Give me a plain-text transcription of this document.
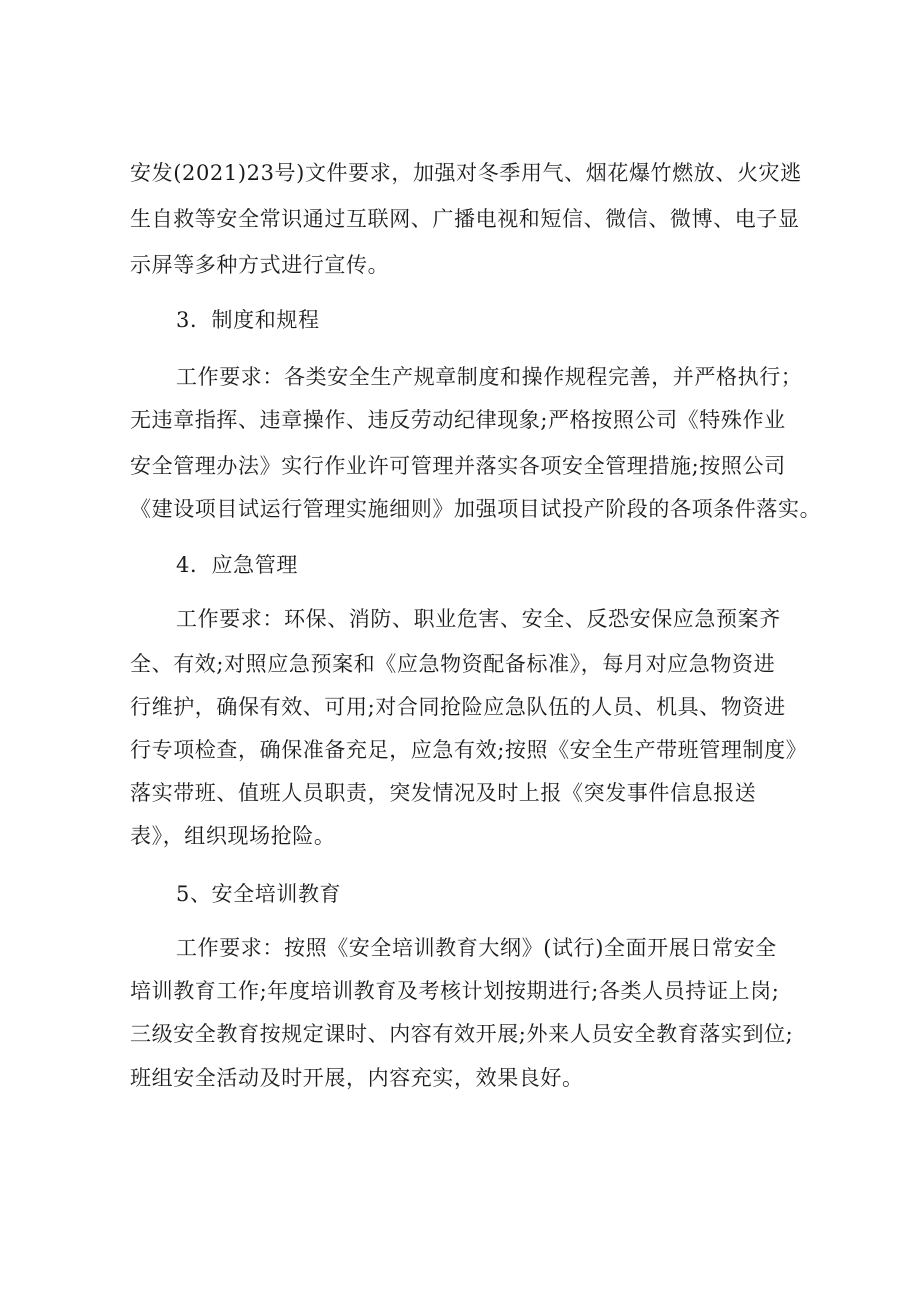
安发(2021)23号)文件要求，加强对冬季用气、烟花爆竹燃放、火灾逃
生自救等安全常识通过互联网、广播电视和短信、微信、微博、电子显
示屏等多种方式进行宣传。
3．制度和规程
工作要求：各类安全生产规章制度和操作规程完善，并严格执行；
无违章指挥、违章操作、违反劳动纪律现象;严格按照公司《特殊作业
安全管理办法》实行作业许可管理并落实各项安全管理措施;按照公司
《建设项目试运行管理实施细则》加强项目试投产阶段的各项条件落实。
4．应急管理
工作要求：环保、消防、职业危害、安全、反恐安保应急预案齐
全、有效;对照应急预案和《应急物资配备标准》，每月对应急物资进
行维护，确保有效、可用;对合同抢险应急队伍的人员、机具、物资进
行专项检查，确保准备充足，应急有效;按照《安全生产带班管理制度》
落实带班、值班人员职责，突发情况及时上报《突发事件信息报送
表》，组织现场抢险。
5、安全培训教育
工作要求：按照《安全培训教育大纲》(试行)全面开展日常安全
培训教育工作;年度培训教育及考核计划按期进行;各类人员持证上岗;
三级安全教育按规定课时、内容有效开展;外来人员安全教育落实到位;
班组安全活动及时开展，内容充实，效果良好。
